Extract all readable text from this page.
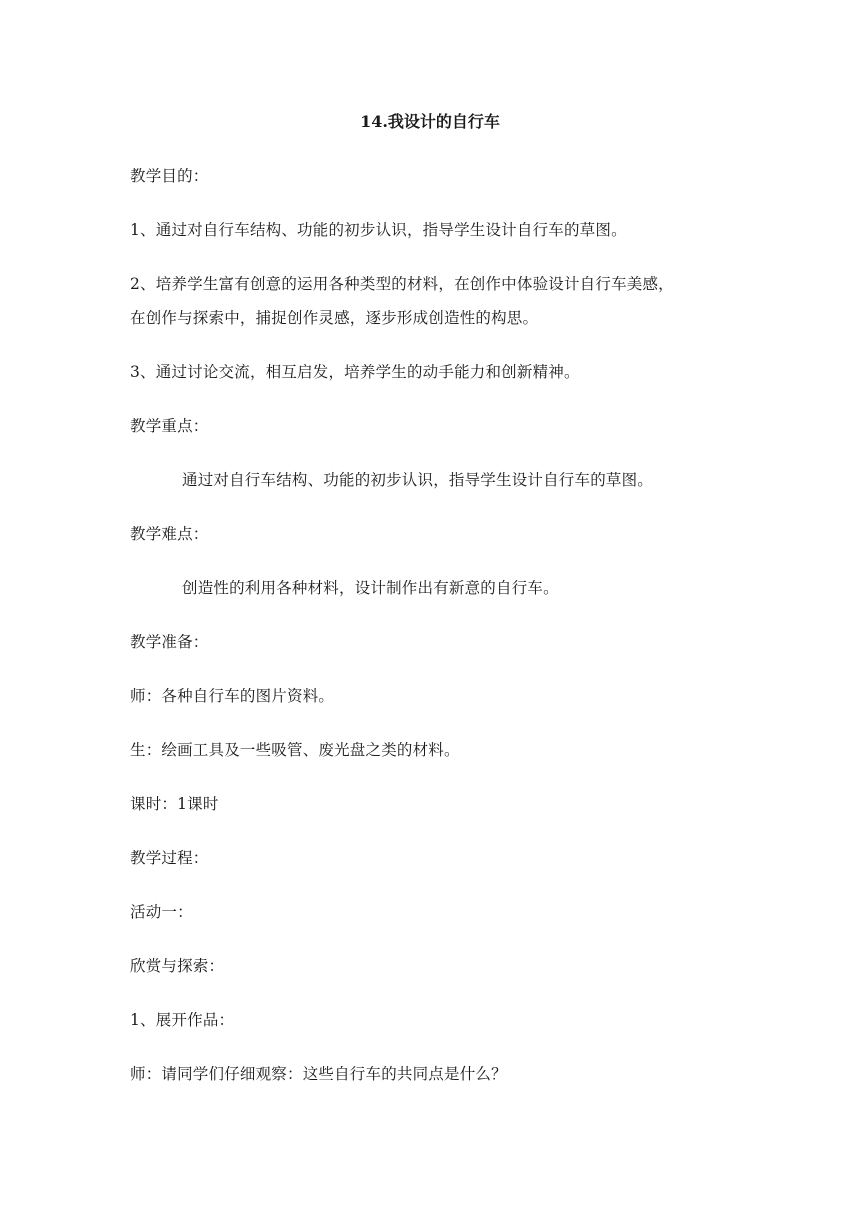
14.我设计的自行车
教学目的：
1、通过对自行车结构、功能的初步认识，指导学生设计自行车的草图。
2、培养学生富有创意的运用各种类型的材料，在创作中体验设计自行车美感，
在创作与探索中，捕捉创作灵感，逐步形成创造性的构思。
3、通过讨论交流，相互启发，培养学生的动手能力和创新精神。
教学重点：
通过对自行车结构、功能的初步认识，指导学生设计自行车的草图。
教学难点：
创造性的利用各种材料，设计制作出有新意的自行车。
教学准备：
师：各种自行车的图片资料。
生：绘画工具及一些吸管、废光盘之类的材料。
课时：1课时
教学过程：
活动一：
欣赏与探索：
1、展开作品：
师：请同学们仔细观察：这些自行车的共同点是什么？
